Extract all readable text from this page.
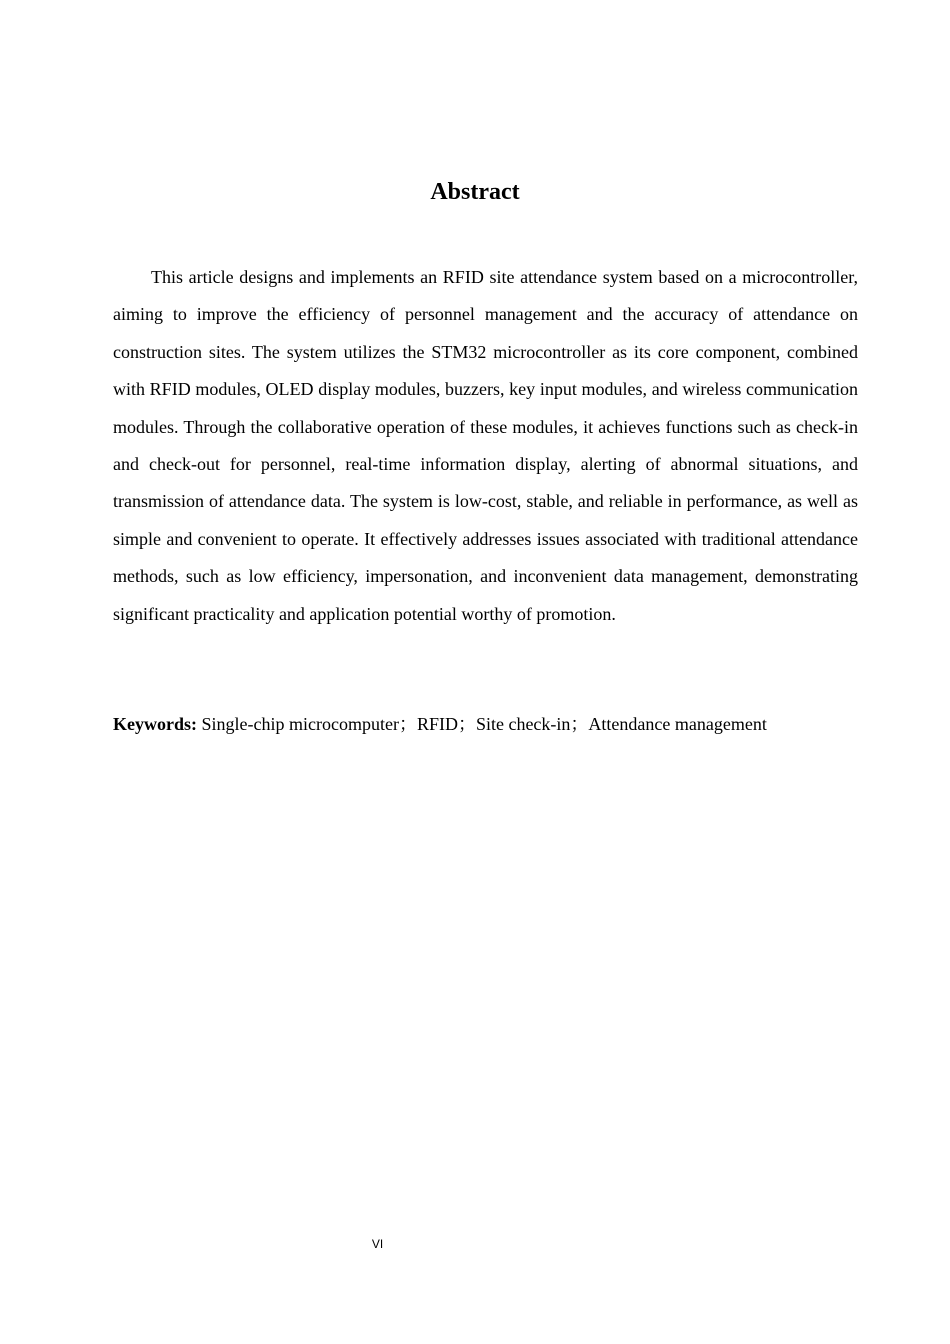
Abstract

This article designs and implements an RFID site attendance system based on a microcontroller, aiming to improve the efficiency of personnel management and the accuracy of attendance on construction sites. The system utilizes the STM32 microcontroller as its core component, combined with RFID modules, OLED display modules, buzzers, key input modules, and wireless communication modules. Through the collaborative operation of these modules, it achieves functions such as check-in and check-out for personnel, real-time information display, alerting of abnormal situations, and transmission of attendance data. The system is low-cost, stable, and reliable in performance, as well as simple and convenient to operate. It effectively addresses issues associated with traditional attendance methods, such as low efficiency, impersonation, and inconvenient data management, demonstrating significant practicality and application potential worthy of promotion.

Keywords: Single-chip microcomputer；RFID；Site check-in；Attendance management

VI
